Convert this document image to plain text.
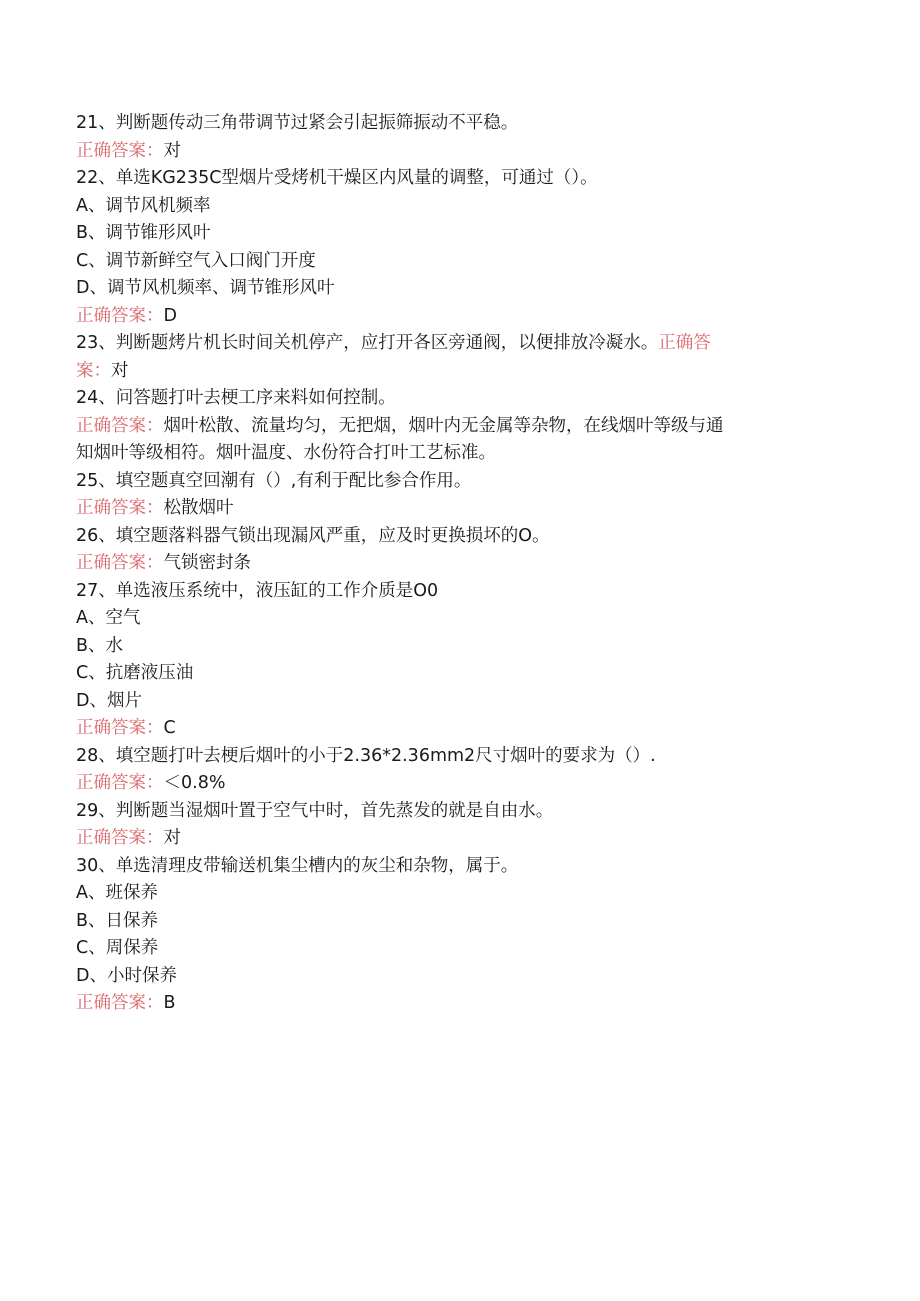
21、判断题传动三角带调节过紧会引起振筛振动不平稳。
正确答案：对
22、单选KG235C型烟片受烤机干燥区内风量的调整，可通过（）。
A、调节风机频率
B、调节锥形风叶
C、调节新鲜空气入口阀门开度
D、调节风机频率、调节锥形风叶
正确答案：D
23、判断题烤片机长时间关机停产，应打开各区旁通阀，以便排放冷凝水。正确答
案：对
24、问答题打叶去梗工序来料如何控制。
正确答案：烟叶松散、流量均匀，无把烟，烟叶内无金属等杂物，在线烟叶等级与通
知烟叶等级相符。烟叶温度、水份符合打叶工艺标准。
25、填空题真空回潮有（）,有利于配比参合作用。
正确答案：松散烟叶
26、填空题落料器气锁出现漏风严重，应及时更换损坏的O。
正确答案：气锁密封条
27、单选液压系统中，液压缸的工作介质是O0
A、空气
B、水
C、抗磨液压油
D、烟片
正确答案：C
28、填空题打叶去梗后烟叶的小于2.36*2.36mm2尺寸烟叶的要求为（）.
正确答案：＜0.8%
29、判断题当湿烟叶置于空气中时，首先蒸发的就是自由水。
正确答案：对
30、单选清理皮带输送机集尘槽内的灰尘和杂物，属于。
A、班保养
B、日保养
C、周保养
D、小时保养
正确答案：B
